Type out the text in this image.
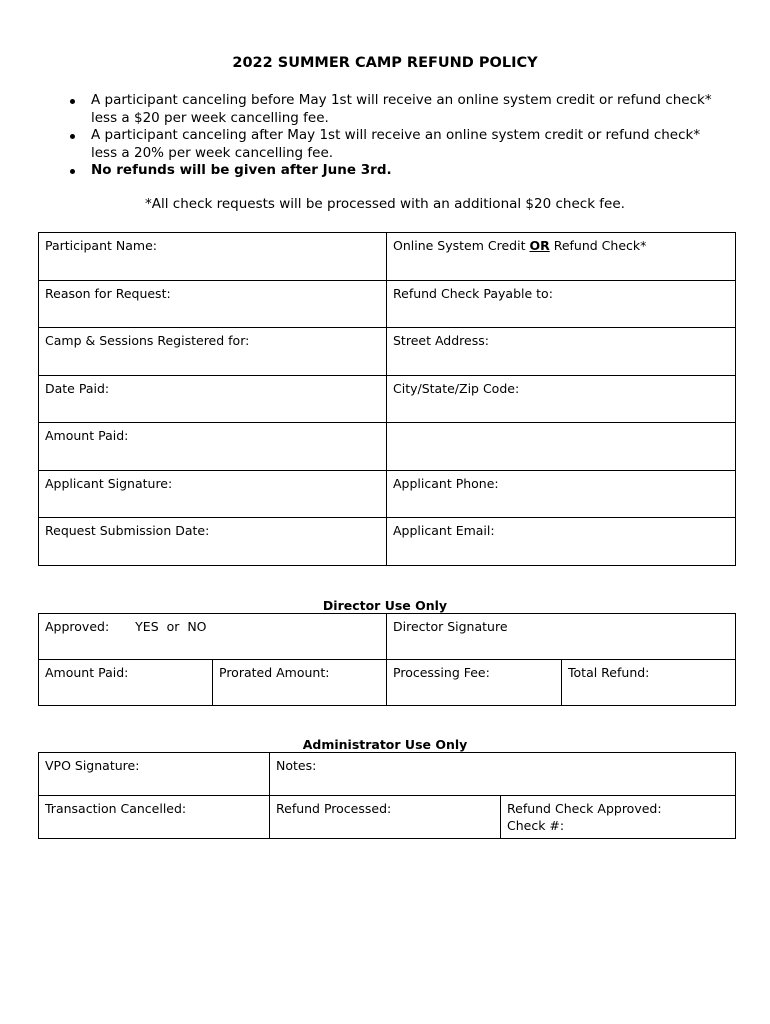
2022 SUMMER CAMP REFUND POLICY
A participant canceling before May 1st will receive an online system credit or refund check* less a $20 per week cancelling fee.
A participant canceling after May 1st will receive an online system credit or refund check* less a 20% per week cancelling fee.
No refunds will be given after June 3rd.
*All check requests will be processed with an additional $20 check fee.
Participant Name:	Online System Credit OR Refund Check*
Reason for Request:	Refund Check Payable to:
Camp & Sessions Registered for:	Street Address:
Date Paid:	City/State/Zip Code:
Amount Paid:	
Applicant Signature:	Applicant Phone:
Request Submission Date:	Applicant Email:
Director Use Only
Approved: YES  or  NO		Director Signature	
Amount Paid:	Prorated Amount:	Processing Fee:	Total Refund:
Administrator Use Only
VPO Signature:	Notes:	
Transaction Cancelled:	Refund Processed:	Refund Check Approved:
Check #:
